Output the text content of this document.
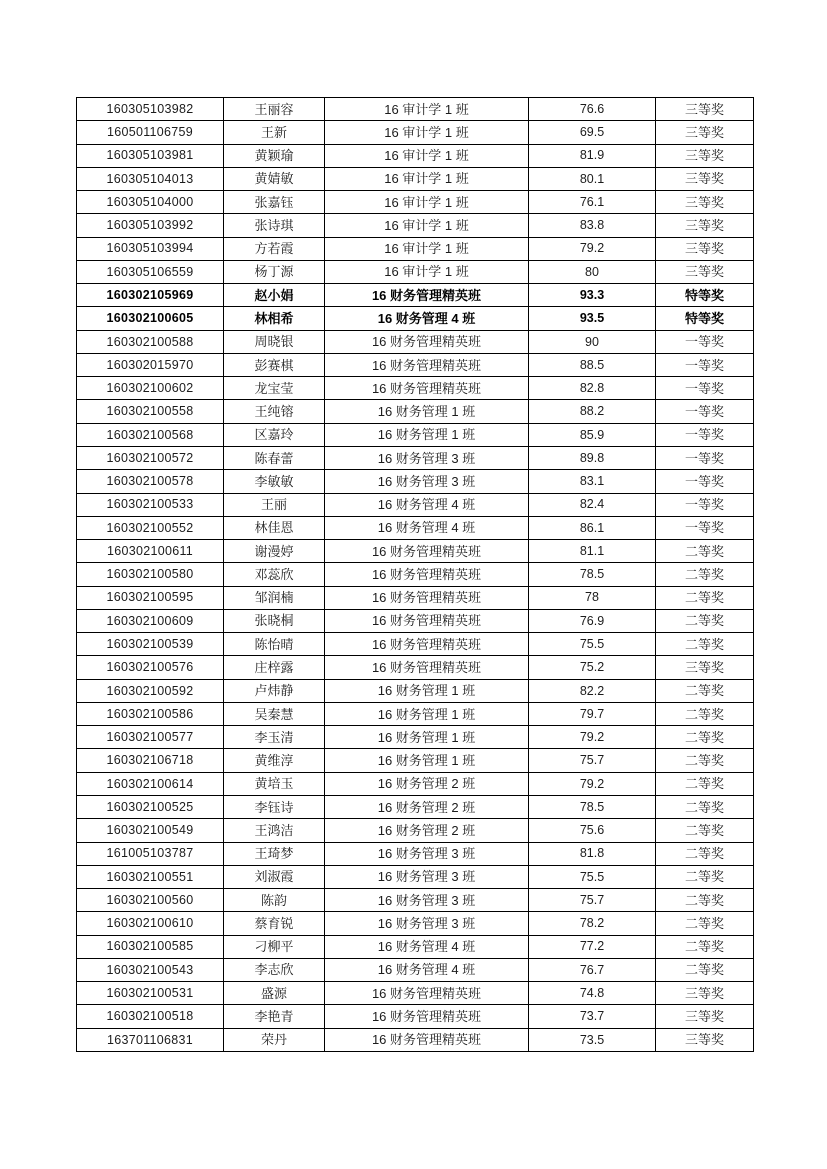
160305103982	王丽容	16 审计学 1 班	76.6	三等奖
160501106759	王新	16 审计学 1 班	69.5	三等奖
160305103981	黄颖瑜	16 审计学 1 班	81.9	三等奖
160305104013	黄婧敏	16 审计学 1 班	80.1	三等奖
160305104000	张嘉钰	16 审计学 1 班	76.1	三等奖
160305103992	张诗琪	16 审计学 1 班	83.8	三等奖
160305103994	方若霞	16 审计学 1 班	79.2	三等奖
160305106559	杨丁源	16 审计学 1 班	80	三等奖
160302105969	赵小娟	16 财务管理精英班	93.3	特等奖
160302100605	林相希	16 财务管理 4 班	93.5	特等奖
160302100588	周晓银	16 财务管理精英班	90	一等奖
160302015970	彭赛棋	16 财务管理精英班	88.5	一等奖
160302100602	龙宝莹	16 财务管理精英班	82.8	一等奖
160302100558	王纯镕	16 财务管理 1 班	88.2	一等奖
160302100568	区嘉玲	16 财务管理 1 班	85.9	一等奖
160302100572	陈春蕾	16 财务管理 3 班	89.8	一等奖
160302100578	李敏敏	16 财务管理 3 班	83.1	一等奖
160302100533	王丽	16 财务管理 4 班	82.4	一等奖
160302100552	林佳恩	16 财务管理 4 班	86.1	一等奖
160302100611	谢漫婷	16 财务管理精英班	81.1	二等奖
160302100580	邓蕊欣	16 财务管理精英班	78.5	二等奖
160302100595	邹润楠	16 财务管理精英班	78	二等奖
160302100609	张晓桐	16 财务管理精英班	76.9	二等奖
160302100539	陈怡晴	16 财务管理精英班	75.5	二等奖
160302100576	庄梓露	16 财务管理精英班	75.2	三等奖
160302100592	卢炜静	16 财务管理 1 班	82.2	二等奖
160302100586	吴秦慧	16 财务管理 1 班	79.7	二等奖
160302100577	李玉清	16 财务管理 1 班	79.2	二等奖
160302106718	黄维淳	16 财务管理 1 班	75.7	二等奖
160302100614	黄培玉	16 财务管理 2 班	79.2	二等奖
160302100525	李钰诗	16 财务管理 2 班	78.5	二等奖
160302100549	王鸿洁	16 财务管理 2 班	75.6	二等奖
161005103787	王琦梦	16 财务管理 3 班	81.8	二等奖
160302100551	刘淑霞	16 财务管理 3 班	75.5	二等奖
160302100560	陈韵	16 财务管理 3 班	75.7	二等奖
160302100610	蔡育锐	16 财务管理 3 班	78.2	二等奖
160302100585	刁柳平	16 财务管理 4 班	77.2	二等奖
160302100543	李志欣	16 财务管理 4 班	76.7	二等奖
160302100531	盛源	16 财务管理精英班	74.8	三等奖
160302100518	李艳青	16 财务管理精英班	73.7	三等奖
163701106831	荣丹	16 财务管理精英班	73.5	三等奖
